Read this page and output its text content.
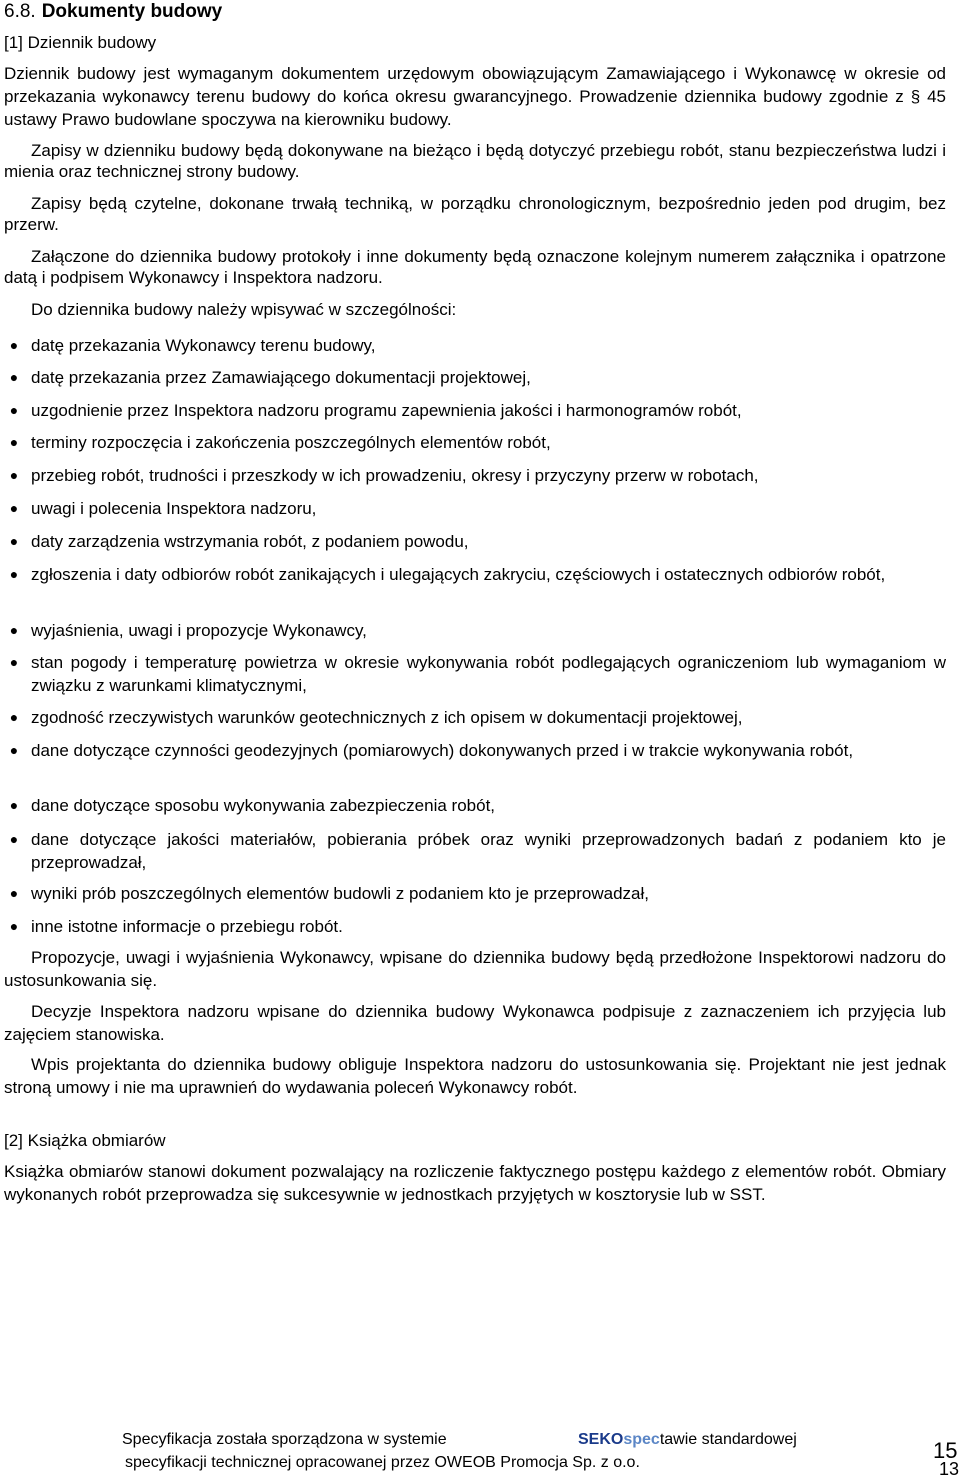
6.8. Dokumenty budowy
[1] Dziennik budowy
Dziennik budowy jest wymaganym dokumentem urzędowym obowiązującym Zamawiającego i Wykonawcę w okresie od przekazania wykonawcy terenu budowy do końca okresu gwarancyjnego. Prowadzenie dziennika budowy zgodnie z § 45 ustawy Prawo budowlane spoczywa na kierowniku budowy.
Zapisy w dzienniku budowy będą dokonywane na bieżąco i będą dotyczyć przebiegu robót, stanu bezpieczeństwa ludzi i mienia oraz technicznej strony budowy.
Zapisy będą czytelne, dokonane trwałą techniką, w porządku chronologicznym, bezpośrednio jeden pod drugim, bez przerw.
Załączone do dziennika budowy protokoły i inne dokumenty będą oznaczone kolejnym numerem załącznika i opatrzone datą i podpisem Wykonawcy i Inspektora nadzoru.
Do dziennika budowy należy wpisywać w szczególności:
● datę przekazania Wykonawcy terenu budowy,
● datę przekazania przez Zamawiającego dokumentacji projektowej,
● uzgodnienie przez Inspektora nadzoru programu zapewnienia jakości i harmonogramów robót,
● terminy rozpoczęcia i zakończenia poszczególnych elementów robót,
● przebieg robót, trudności i przeszkody w ich prowadzeniu, okresy i przyczyny przerw w robotach,
● uwagi i polecenia Inspektora nadzoru,
● daty zarządzenia wstrzymania robót, z podaniem powodu,
● zgłoszenia i daty odbiorów robót zanikających i ulegających zakryciu, częściowych i ostatecznych odbiorów robót,
● wyjaśnienia, uwagi i propozycje Wykonawcy,
● stan pogody i temperaturę powietrza w okresie wykonywania robót podlegających ograniczeniom lub wymaganiom w związku z warunkami klimatycznymi,
● zgodność rzeczywistych warunków geotechnicznych z ich opisem w dokumentacji projektowej,
● dane dotyczące czynności geodezyjnych (pomiarowych) dokonywanych przed i w trakcie wykonywania robót,
● dane dotyczące sposobu wykonywania zabezpieczenia robót,
● dane dotyczące jakości materiałów, pobierania próbek oraz wyniki przeprowadzonych badań z podaniem kto je przeprowadzał,
● wyniki prób poszczególnych elementów budowli z podaniem kto je przeprowadzał,
● inne istotne informacje o przebiegu robót.
Propozycje, uwagi i wyjaśnienia Wykonawcy, wpisane do dziennika budowy będą przedłożone Inspektorowi nadzoru do ustosunkowania się.
Decyzje Inspektora nadzoru wpisane do dziennika budowy Wykonawca podpisuje z zaznaczeniem ich przyjęcia lub zajęciem stanowiska.
Wpis projektanta do dziennika budowy obliguje Inspektora nadzoru do ustosunkowania się. Projektant nie jest jednak stroną umowy i nie ma uprawnień do wydawania poleceń Wykonawcy robót.
[2] Książka obmiarów
Książka obmiarów stanowi dokument pozwalający na rozliczenie faktycznego postępu każdego z elementów robót. Obmiary wykonanych robót przeprowadza się sukcesywnie w jednostkach przyjętych w kosztorysie lub w SST.
Specyfikacja została sporządzona w systemie	SEKOspectawie standardowej
specyfikacji technicznej opracowanej przez OWEOB Promocja Sp. z o.o.	15
13
